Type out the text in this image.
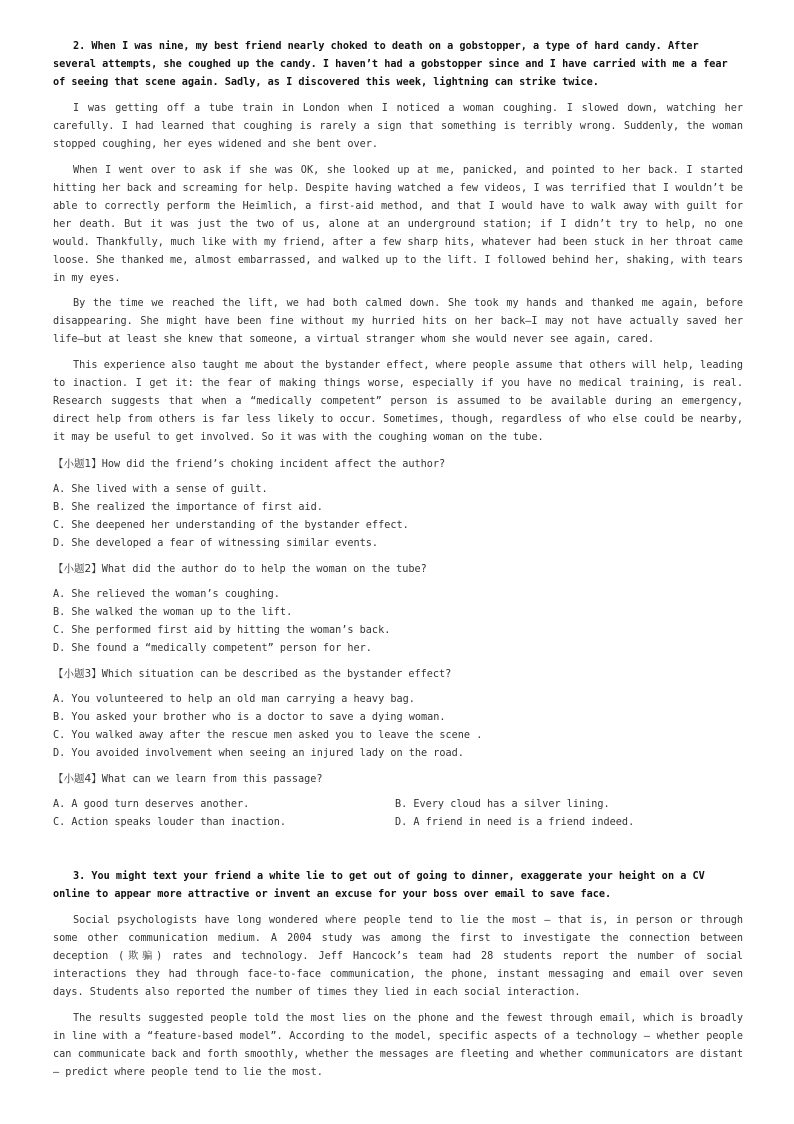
2. When I was nine, my best friend nearly choked to death on a gobstopper, a type of hard candy. After several attempts, she coughed up the candy. I haven’t had a gobstopper since and I have carried with me a fear of seeing that scene again. Sadly, as I discovered this week, lightning can strike twice.

I was getting off a tube train in London when I noticed a woman coughing. I slowed down, watching her carefully. I had learned that coughing is rarely a sign that something is terribly wrong. Suddenly, the woman stopped coughing, her eyes widened and she bent over.

When I went over to ask if she was OK, she looked up at me, panicked, and pointed to her back. I started hitting her back and screaming for help. Despite having watched a few videos, I was terrified that I wouldn’t be able to correctly perform the Heimlich, a first-aid method, and that I would have to walk away with guilt for her death. But it was just the two of us, alone at an underground station; if I didn’t try to help, no one would. Thankfully, much like with my friend, after a few sharp hits, whatever had been stuck in her throat came loose. She thanked me, almost embarrassed, and walked up to the lift. I followed behind her, shaking, with tears in my eyes.

By the time we reached the lift, we had both calmed down. She took my hands and thanked me again, before disappearing. She might have been fine without my hurried hits on her back—I may not have actually saved her life—but at least she knew that someone, a virtual stranger whom she would never see again, cared.

This experience also taught me about the bystander effect, where people assume that others will help, leading to inaction. I get it: the fear of making things worse, especially if you have no medical training, is real. Research suggests that when a “medically competent” person is assumed to be available during an emergency, direct help from others is far less likely to occur. Sometimes, though, regardless of who else could be nearby, it may be useful to get involved. So it was with the coughing woman on the tube.

【小题1】How did the friend’s choking incident affect the author?

A. She lived with a sense of guilt.
B. She realized the importance of first aid.
C. She deepened her understanding of the bystander effect.
D. She developed a fear of witnessing similar events.

【小题2】What did the author do to help the woman on the tube?

A. She relieved the woman’s coughing.
B. She walked the woman up to the lift.
C. She performed first aid by hitting the woman’s back.
D. She found a “medically competent” person for her.

【小题3】Which situation can be described as the bystander effect?

A. You volunteered to help an old man carrying a heavy bag.
B. You asked your brother who is a doctor to save a dying woman.
C. You walked away after the rescue men asked you to leave the scene .
D. You avoided involvement when seeing an injured lady on the road.

【小题4】What can we learn from this passage?

A. A good turn deserves another.	B. Every cloud has a silver lining.
C. Action speaks louder than inaction.	D. A friend in need is a friend indeed.

3. You might text your friend a white lie to get out of going to dinner, exaggerate your height on a CV online to appear more attractive or invent an excuse for your boss over email to save face.

Social psychologists have long wondered where people tend to lie the most — that is, in person or through some other communication medium. A 2004 study was among the first to investigate the connection between deception (欺骗) rates and technology. Jeff Hancock’s team had 28 students report the number of social interactions they had through face-to-face communication, the phone, instant messaging and email over seven days. Students also reported the number of times they lied in each social interaction.

The results suggested people told the most lies on the phone and the fewest through email, which is broadly in line with a “feature-based model”. According to the model, specific aspects of a technology — whether people can communicate back and forth smoothly, whether the messages are fleeting and whether communicators are distant — predict where people tend to lie the most.
